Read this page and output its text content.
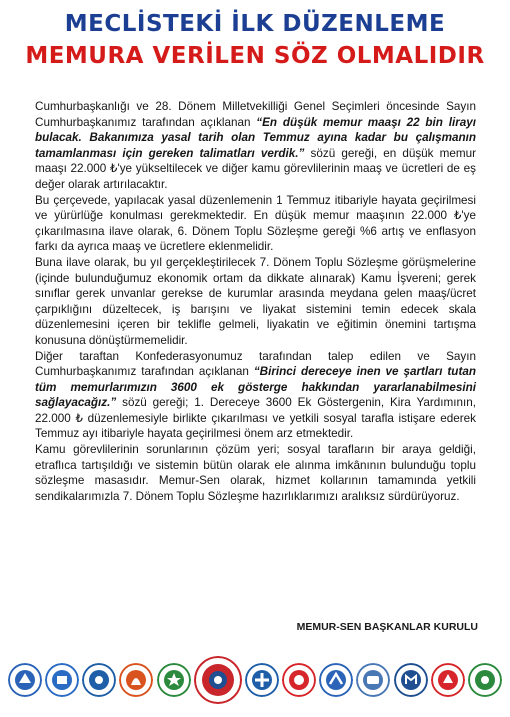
MECLİSTEKİ İLK DÜZENLEME
MEMURA VERİLEN SÖZ OLMALIDIR

Cumhurbaşkanlığı ve 28. Dönem Milletvekilliği Genel Seçimleri öncesinde Sayın Cumhurbaşkanımız tarafından açıklanan “En düşük memur maaşı 22 bin lirayı bulacak. Bakanımıza yasal tarih olan Temmuz ayına kadar bu çalışmanın tamamlanması için gereken talimatları verdik.” sözü gereği, en düşük memur maaşı 22.000 ₺'ye yükseltilecek ve diğer kamu görevlilerinin maaş ve ücretleri de eş değer olarak artırılacaktır.

Bu çerçevede, yapılacak yasal düzenlemenin 1 Temmuz itibariyle hayata geçirilmesi ve yürürlüğe konulması gerekmektedir. En düşük memur maaşının 22.000 ₺'ye çıkarılmasına ilave olarak, 6. Dönem Toplu Sözleşme gereği %6 artış ve enflasyon farkı da ayrıca maaş ve ücretlere eklenmelidir.

Buna ilave olarak, bu yıl gerçekleştirilecek 7. Dönem Toplu Sözleşme görüşmelerine (içinde bulunduğumuz ekonomik ortam da dikkate alınarak) Kamu İşvereni; gerek sınıflar gerek unvanlar gerekse de kurumlar arasında meydana gelen maaş/ücret çarpıklığını düzeltecek, iş barışını ve liyakat sistemini temin edecek skala düzenlemesini içeren bir teklifle gelmeli, liyakatin ve eğitimin önemini tartışma konusuna dönüştürmemelidir.

Diğer taraftan Konfederasyonumuz tarafından talep edilen ve Sayın Cumhurbaşkanımız tarafından açıklanan “Birinci dereceye inen ve şartları tutan tüm memurlarımızın 3600 ek gösterge hakkından yararlanabilmesini sağlayacağız.” sözü gereği; 1. Dereceye 3600 Ek Göstergenin, Kira Yardımının, 22.000 ₺ düzenlemesiyle birlikte çıkarılması ve yetkili sosyal tarafla istişare ederek Temmuz ayı itibariyle hayata geçirilmesi önem arz etmektedir.

Kamu görevlilerinin sorunlarının çözüm yeri; sosyal tarafların bir araya geldiği, etraflıca tartışıldığı ve sistemin bütün olarak ele alınma imkânının bulunduğu toplu sözleşme masasıdır. Memur-Sen olarak, hizmet kollarının tamamında yetkili sendikalarımızla 7. Dönem Toplu Sözleşme hazırlıklarımızı aralıksız sürdürüyoruz.

MEMUR-SEN BAŞKANLAR KURULU
